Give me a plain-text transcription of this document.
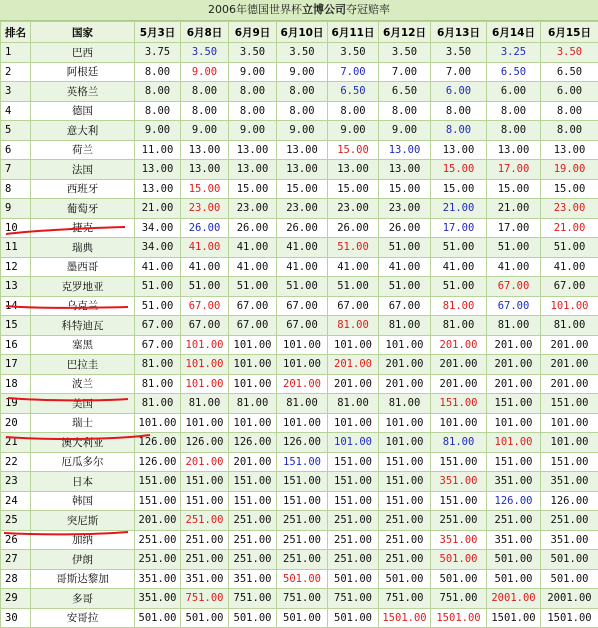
2006年德国世界杯立博公司夺冠赔率
排名	国家	5月3日	6月8日	6月9日	6月10日	6月11日	6月12日	6月13日	6月14日	6月15日
1	巴西	3.75	3.50	3.50	3.50	3.50	3.50	3.50	3.25	3.50
2	阿根廷	8.00	9.00	9.00	9.00	7.00	7.00	7.00	6.50	6.50
3	英格兰	8.00	8.00	8.00	8.00	6.50	6.50	6.00	6.00	6.00
4	德国	8.00	8.00	8.00	8.00	8.00	8.00	8.00	8.00	8.00
5	意大利	9.00	9.00	9.00	9.00	9.00	9.00	8.00	8.00	8.00
6	荷兰	11.00	13.00	13.00	13.00	15.00	13.00	13.00	13.00	13.00
7	法国	13.00	13.00	13.00	13.00	13.00	13.00	15.00	17.00	19.00
8	西班牙	13.00	15.00	15.00	15.00	15.00	15.00	15.00	15.00	15.00
9	葡萄牙	21.00	23.00	23.00	23.00	23.00	23.00	21.00	21.00	23.00
10	捷克	34.00	26.00	26.00	26.00	26.00	26.00	17.00	17.00	21.00
11	瑞典	34.00	41.00	41.00	41.00	51.00	51.00	51.00	51.00	51.00
12	墨西哥	41.00	41.00	41.00	41.00	41.00	41.00	41.00	41.00	41.00
13	克罗地亚	51.00	51.00	51.00	51.00	51.00	51.00	51.00	67.00	67.00
14	乌克兰	51.00	67.00	67.00	67.00	67.00	67.00	81.00	67.00	101.00
15	科特迪瓦	67.00	67.00	67.00	67.00	81.00	81.00	81.00	81.00	81.00
16	塞黑	67.00	101.00	101.00	101.00	101.00	101.00	201.00	201.00	201.00
17	巴拉圭	81.00	101.00	101.00	101.00	201.00	201.00	201.00	201.00	201.00
18	波兰	81.00	101.00	101.00	201.00	201.00	201.00	201.00	201.00	201.00
19	美国	81.00	81.00	81.00	81.00	81.00	81.00	151.00	151.00	151.00
20	瑞士	101.00	101.00	101.00	101.00	101.00	101.00	101.00	101.00	101.00
21	澳大利亚	126.00	126.00	126.00	126.00	101.00	101.00	81.00	101.00	101.00
22	厄瓜多尔	126.00	201.00	201.00	151.00	151.00	151.00	151.00	151.00	151.00
23	日本	151.00	151.00	151.00	151.00	151.00	151.00	351.00	351.00	351.00
24	韩国	151.00	151.00	151.00	151.00	151.00	151.00	151.00	126.00	126.00
25	突尼斯	201.00	251.00	251.00	251.00	251.00	251.00	251.00	251.00	251.00
26	加纳	251.00	251.00	251.00	251.00	251.00	251.00	351.00	351.00	351.00
27	伊朗	251.00	251.00	251.00	251.00	251.00	251.00	501.00	501.00	501.00
28	哥斯达黎加	351.00	351.00	351.00	501.00	501.00	501.00	501.00	501.00	501.00
29	多哥	351.00	751.00	751.00	751.00	751.00	751.00	751.00	2001.00	2001.00
30	安哥拉	501.00	501.00	501.00	501.00	501.00	1501.00	1501.00	1501.00	1501.00
